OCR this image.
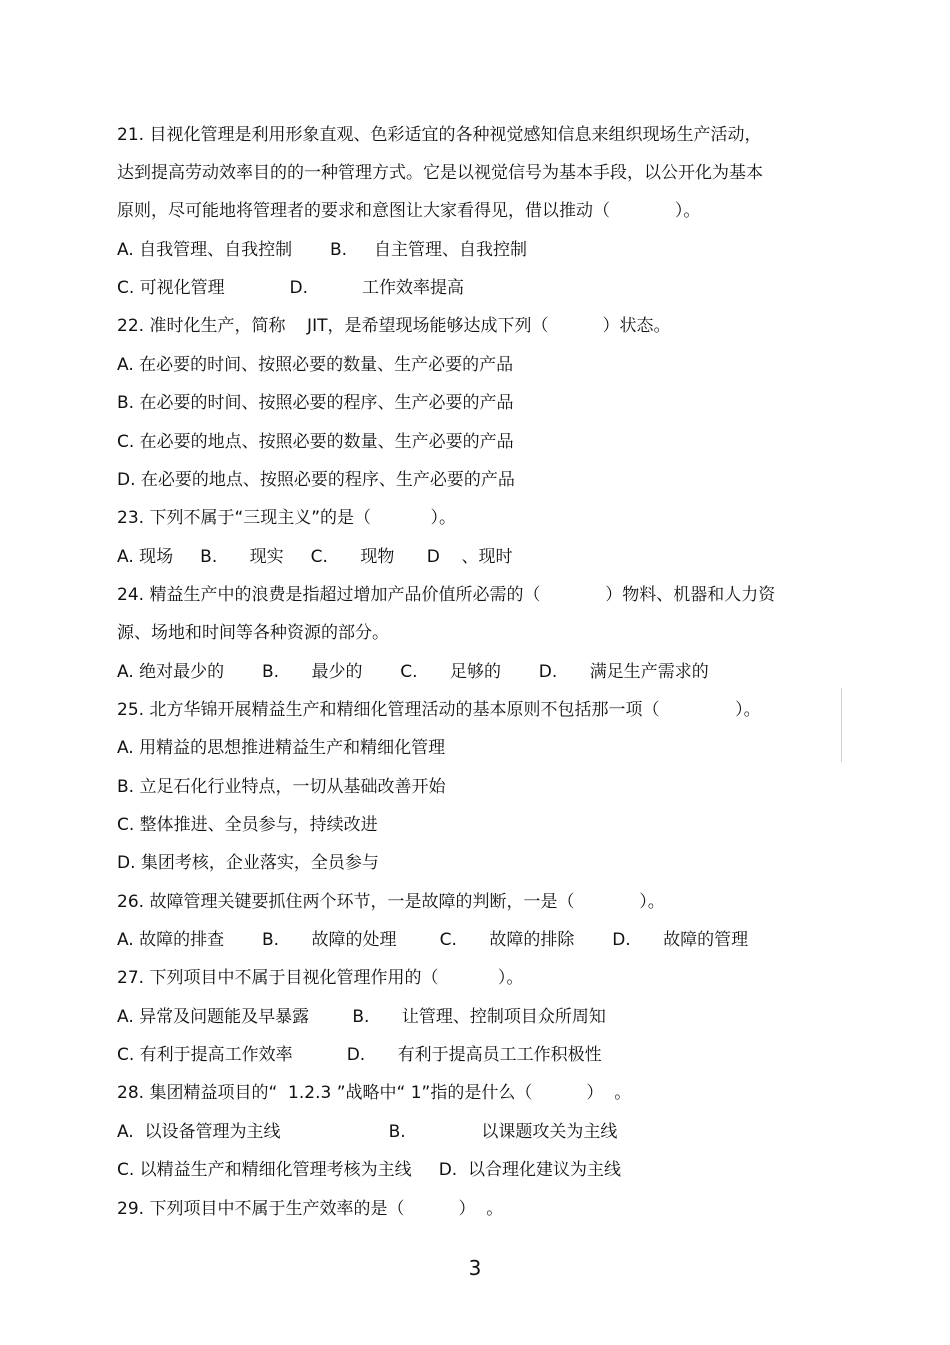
21. 目视化管理是利用形象直观、色彩适宜的各种视觉感知信息来组织现场生产活动，
达到提高劳动效率目的的一种管理方式。它是以视觉信号为基本手段，以公开化为基本
原则，尽可能地将管理者的要求和意图让大家看得见，借以推动（            ）。
A. 自我管理、自我控制       B.     自主管理、自我控制
C. 可视化管理            D.          工作效率提高
22. 准时化生产，简称    JIT，是希望现场能够达成下列（          ）状态。
A. 在必要的时间、按照必要的数量、生产必要的产品
B. 在必要的时间、按照必要的程序、生产必要的产品
C. 在必要的地点、按照必要的数量、生产必要的产品
D. 在必要的地点、按照必要的程序、生产必要的产品
23. 下列不属于“三现主义”的是（           ）。
A. 现场     B.      现实     C.      现物      D    、现时
24. 精益生产中的浪费是指超过增加产品价值所必需的（            ）物料、机器和人力资
源、场地和时间等各种资源的部分。
A. 绝对最少的       B.      最少的       C.      足够的       D.      满足生产需求的
25. 北方华锦开展精益生产和精细化管理活动的基本原则不包括那一项（              ）。
A. 用精益的思想推进精益生产和精细化管理
B. 立足石化行业特点，一切从基础改善开始
C. 整体推进、全员参与，持续改进
D. 集团考核，企业落实，全员参与
26. 故障管理关键要抓住两个环节，一是故障的判断，一是（            ）。
A. 故障的排查       B.      故障的处理        C.      故障的排除       D.      故障的管理
27. 下列项目中不属于目视化管理作用的（           ）。
A. 异常及问题能及早暴露        B.      让管理、控制项目众所周知
C. 有利于提高工作效率          D.      有利于提高员工工作积极性
28. 集团精益项目的“  1.2.3 ”战略中“ 1”指的是什么（          ）  。
A.  以设备管理为主线                    B.              以课题攻关为主线
C. 以精益生产和精细化管理考核为主线     D.  以合理化建议为主线
29. 下列项目中不属于生产效率的是（          ）  。
3
